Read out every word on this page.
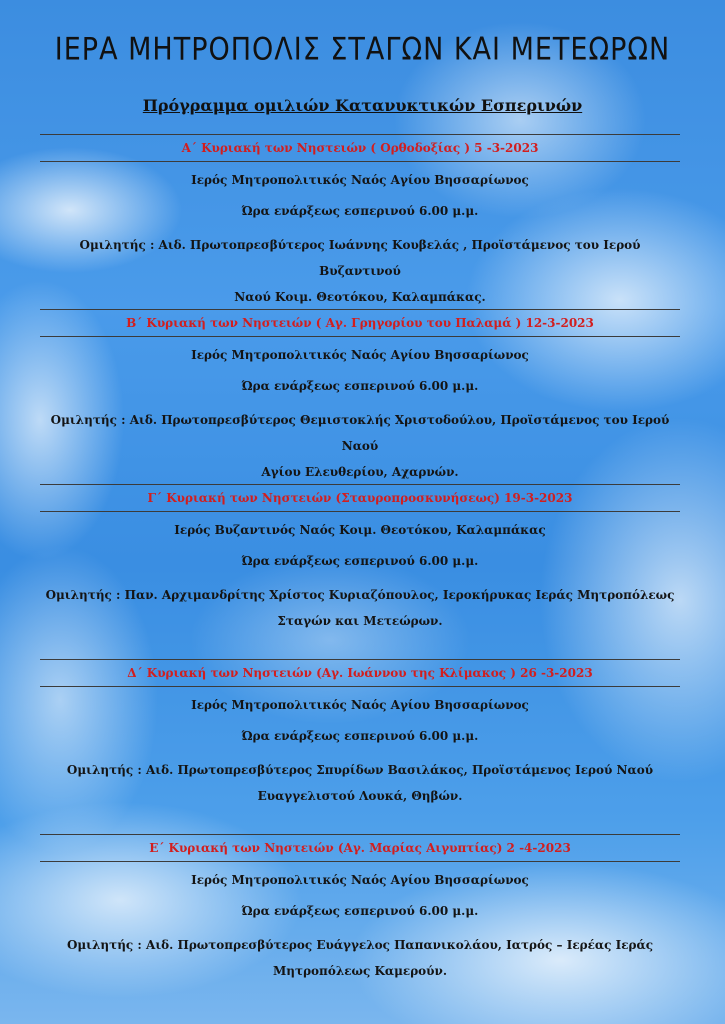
ΙΕΡΑ ΜΗΤΡΟΠΟΛΙΣ ΣΤΑΓΩΝ ΚΑΙ ΜΕΤΕΩΡΩΝ
Πρόγραμμα ομιλιών Κατανυκτικών Εσπερινών
Α΄ Κυριακή των Νηστειών ( Ορθοδοξίας ) 5 -3-2023
Ιερός Μητροπολιτικός Ναός Αγίου Βησσαρίωνος
Ώρα ενάρξεως εσπερινού 6.00 μ.μ.
Ομιλητής : Αιδ. Πρωτοπρεσβύτερος Ιωάννης Κουβελάς , Προϊστάμενος του Ιερού Βυζαντινού
Ναού Κοιμ. Θεοτόκου, Καλαμπάκας.
Β΄ Κυριακή των Νηστειών ( Αγ. Γρηγορίου του Παλαμά ) 12-3-2023
Ιερός Μητροπολιτικός Ναός Αγίου Βησσαρίωνος
Ώρα ενάρξεως εσπερινού 6.00 μ.μ.
Ομιλητής : Αιδ. Πρωτοπρεσβύτερος Θεμιστοκλής Χριστοδούλου, Προϊστάμενος του Ιερού Ναού
Αγίου Ελευθερίου, Αχαρνών.
Γ΄ Κυριακή των Νηστειών (Σταυροπροσκυνήσεως) 19-3-2023
Ιερός Βυζαντινός Ναός Κοιμ. Θεοτόκου, Καλαμπάκας
Ώρα ενάρξεως εσπερινού 6.00 μ.μ.
Ομιλητής : Παν. Αρχιμανδρίτης Χρίστος Κυριαζόπουλος, Ιεροκήρυκας Ιεράς Μητροπόλεως
Σταγών και Μετεώρων.
Δ΄ Κυριακή των Νηστειών (Αγ. Ιωάννου της Κλίμακος ) 26 -3-2023
Ιερός Μητροπολιτικός Ναός Αγίου Βησσαρίωνος
Ώρα ενάρξεως εσπερινού 6.00 μ.μ.
Ομιλητής : Αιδ. Πρωτοπρεσβύτερος Σπυρίδων Βασιλάκος, Προϊστάμενος Ιερού Ναού
Ευαγγελιστού Λουκά, Θηβών.
Ε΄ Κυριακή των Νηστειών (Αγ. Μαρίας Αιγυπτίας) 2 -4-2023
Ιερός Μητροπολιτικός Ναός Αγίου Βησσαρίωνος
Ώρα ενάρξεως εσπερινού 6.00 μ.μ.
Ομιλητής : Αιδ. Πρωτοπρεσβύτερος Ευάγγελος Παπανικολάου, Ιατρός – Ιερέας Ιεράς
Μητροπόλεως Καμερούν.
